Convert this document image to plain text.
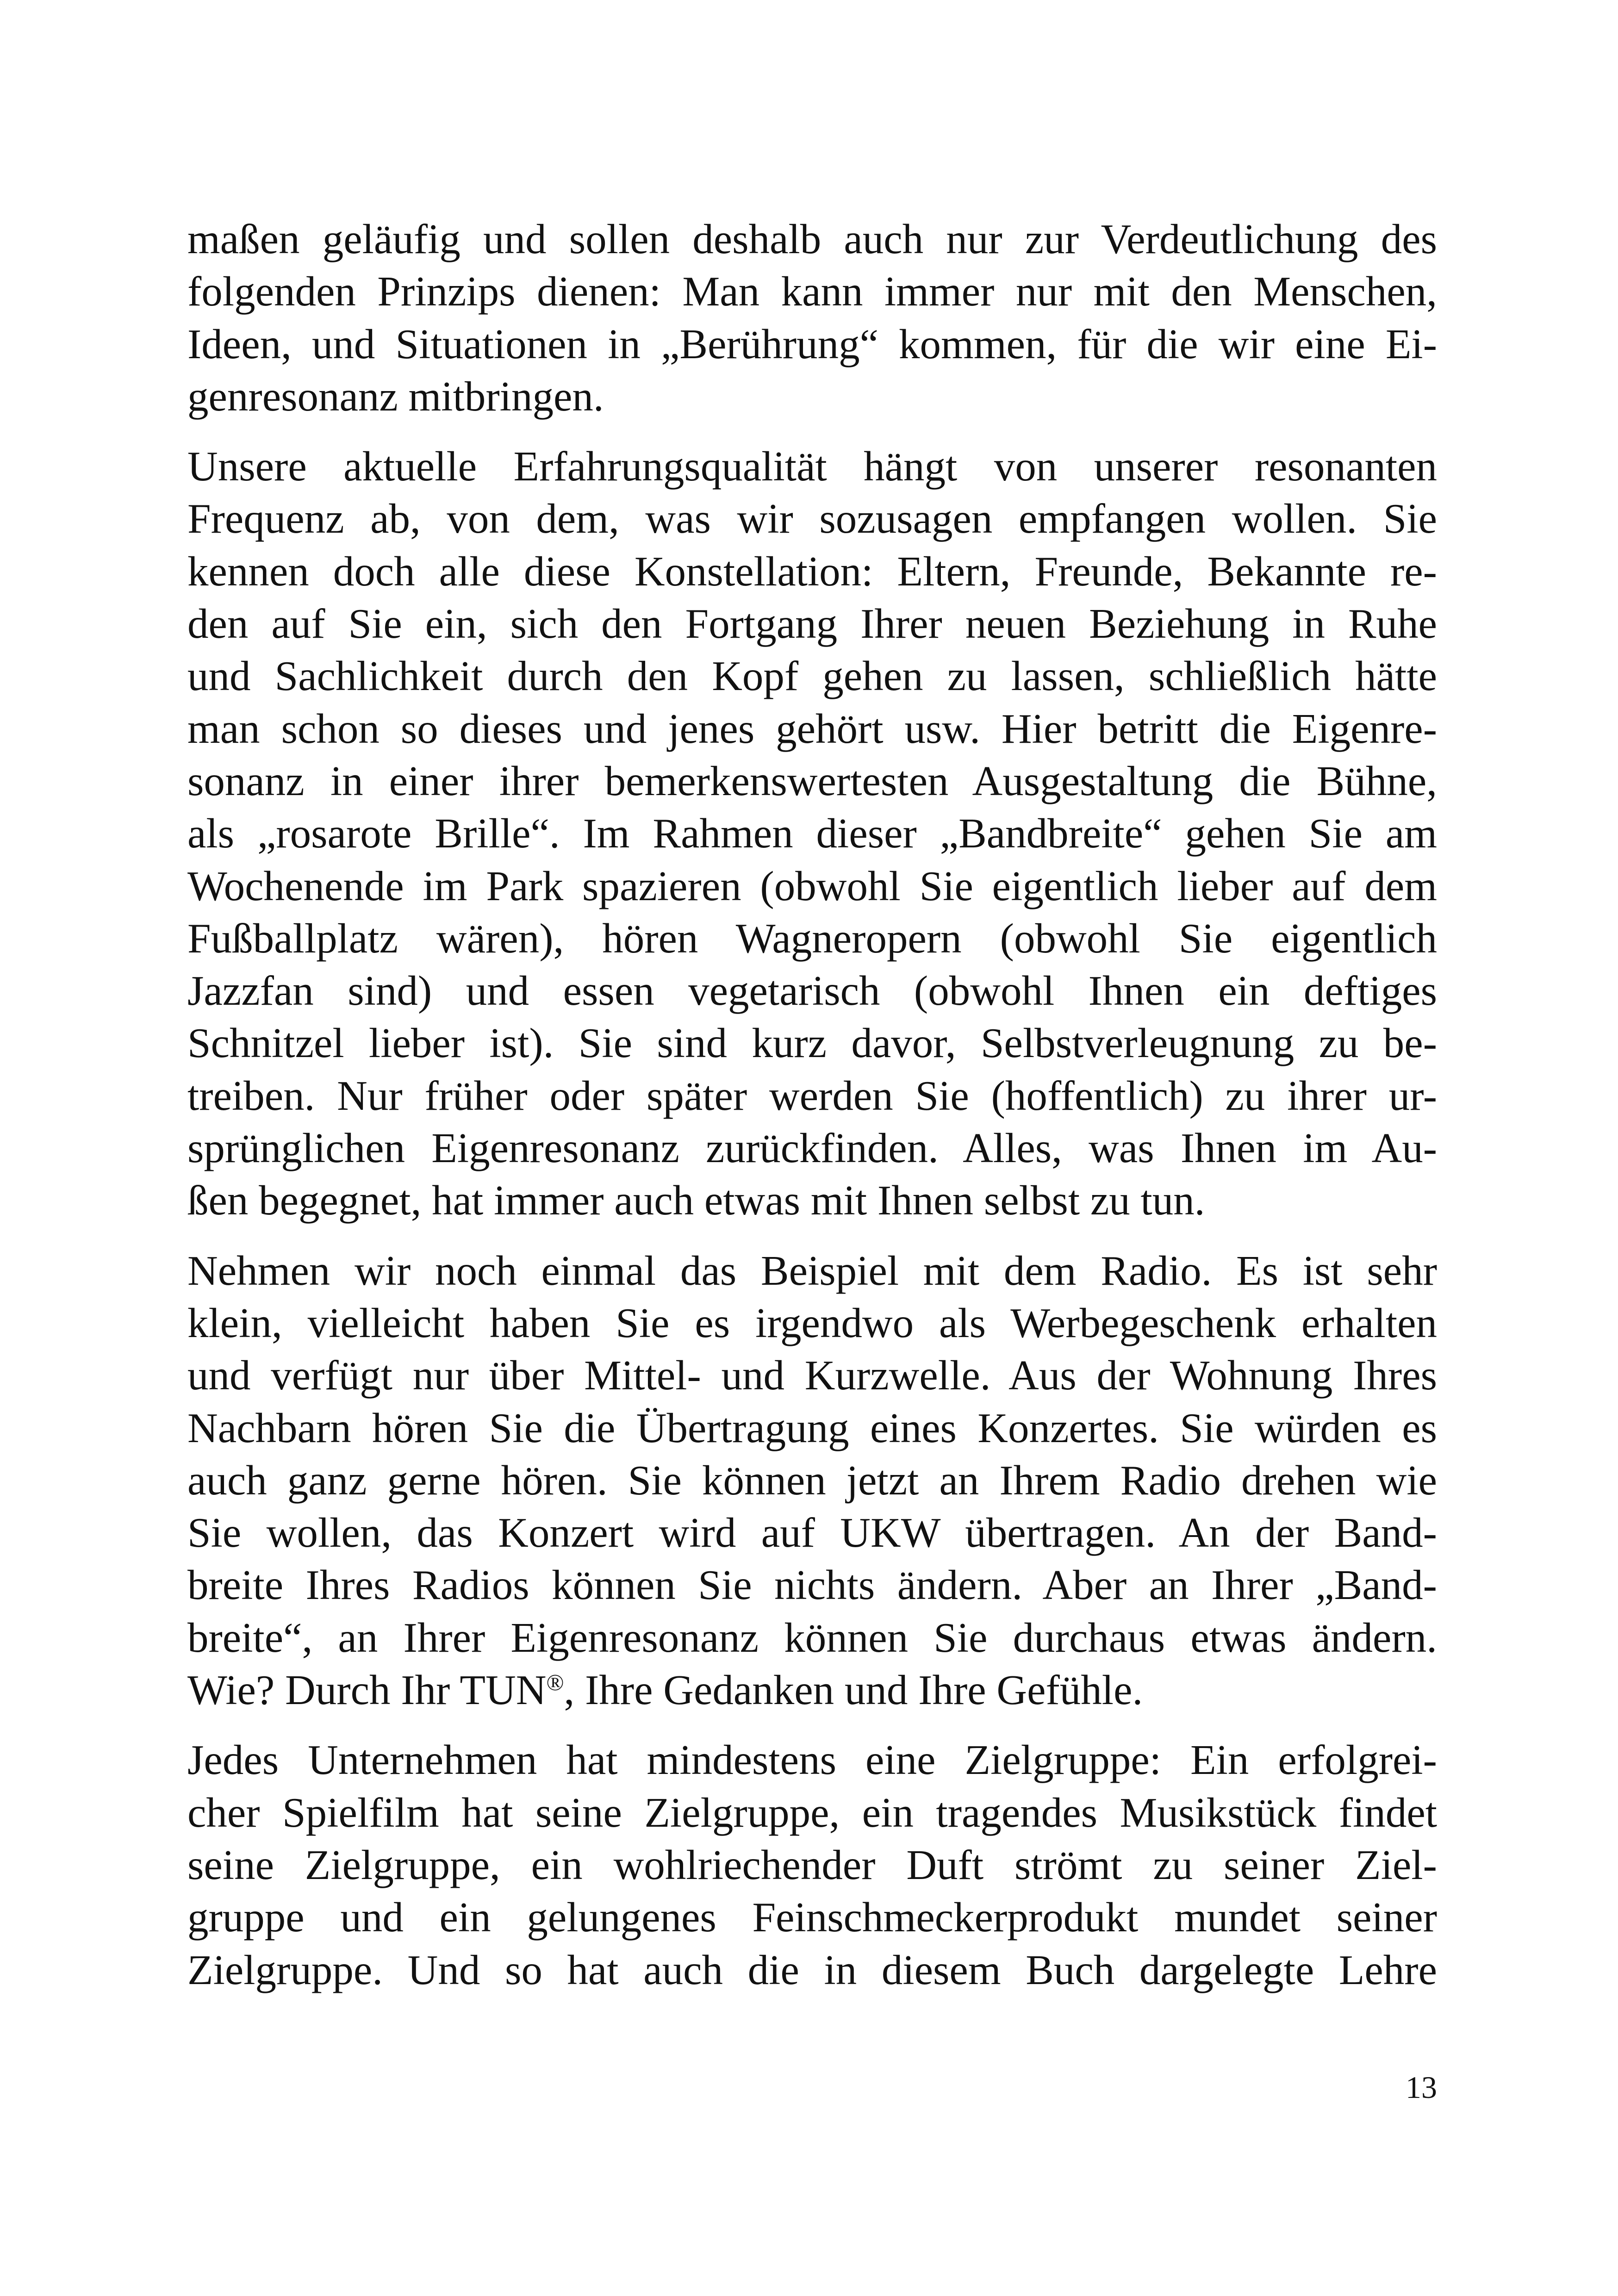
maßen geläufig und sollen deshalb auch nur zur Verdeutlichung des
folgenden Prinzips dienen: Man kann immer nur mit den Menschen,
Ideen, und Situationen in „Berührung“ kommen, für die wir eine Ei-
genresonanz mitbringen.

Unsere aktuelle Erfahrungsqualität hängt von unserer resonanten
Frequenz ab, von dem, was wir sozusagen empfangen wollen. Sie
kennen doch alle diese Konstellation: Eltern, Freunde, Bekannte re-
den auf Sie ein, sich den Fortgang Ihrer neuen Beziehung in Ruhe
und Sachlichkeit durch den Kopf gehen zu lassen, schließlich hätte
man schon so dieses und jenes gehört usw. Hier betritt die Eigenre-
sonanz in einer ihrer bemerkenswertesten Ausgestaltung die Bühne,
als „rosarote Brille“. Im Rahmen dieser „Bandbreite“ gehen Sie am
Wochenende im Park spazieren (obwohl Sie eigentlich lieber auf dem
Fußballplatz wären), hören Wagneropern (obwohl Sie eigentlich
Jazzfan sind) und essen vegetarisch (obwohl Ihnen ein deftiges
Schnitzel lieber ist). Sie sind kurz davor, Selbstverleugnung zu be-
treiben. Nur früher oder später werden Sie (hoffentlich) zu ihrer ur-
sprünglichen Eigenresonanz zurückfinden. Alles, was Ihnen im Au-
ßen begegnet, hat immer auch etwas mit Ihnen selbst zu tun.

Nehmen wir noch einmal das Beispiel mit dem Radio. Es ist sehr
klein, vielleicht haben Sie es irgendwo als Werbegeschenk erhalten
und verfügt nur über Mittel- und Kurzwelle. Aus der Wohnung Ihres
Nachbarn hören Sie die Übertragung eines Konzertes. Sie würden es
auch ganz gerne hören. Sie können jetzt an Ihrem Radio drehen wie
Sie wollen, das Konzert wird auf UKW übertragen. An der Band-
breite Ihres Radios können Sie nichts ändern. Aber an Ihrer „Band-
breite“, an Ihrer Eigenresonanz können Sie durchaus etwas ändern.
Wie? Durch Ihr TUN®, Ihre Gedanken und Ihre Gefühle.

Jedes Unternehmen hat mindestens eine Zielgruppe: Ein erfolgrei-
cher Spielfilm hat seine Zielgruppe, ein tragendes Musikstück findet
seine Zielgruppe, ein wohlriechender Duft strömt zu seiner Ziel-
gruppe und ein gelungenes Feinschmeckerprodukt mundet seiner
Zielgruppe. Und so hat auch die in diesem Buch dargelegte Lehre

13
